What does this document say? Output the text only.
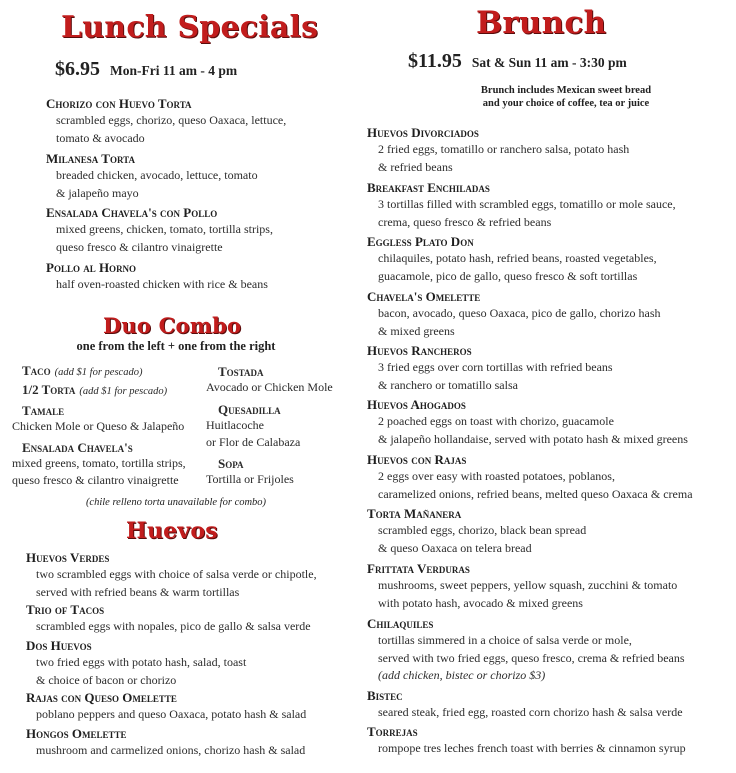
Lunch Specials
$6.95 Mon-Fri 11 am - 4 pm
Chorizo con Huevo Torta
scrambled eggs, chorizo, queso Oaxaca, lettuce,
tomato & avocado
Milanesa Torta
breaded chicken, avocado, lettuce, tomato
& jalapeño mayo
Ensalada Chavela's con Pollo
mixed greens, chicken, tomato, tortilla strips,
queso fresco & cilantro vinaigrette
Pollo al Horno
half oven-roasted chicken with rice & beans
Duo Combo
one from the left + one from the right
Taco (add $1 for pescado)
1/2 Torta (add $1 for pescado)
Tamale
Chicken Mole or Queso & Jalapeño
Ensalada Chavela's
mixed greens, tomato, tortilla strips,
queso fresco & cilantro vinaigrette
Tostada
Avocado or Chicken Mole
Quesadilla
Huitlacoche
or Flor de Calabaza
Sopa
Tortilla or Frijoles
(chile relleno torta unavailable for combo)
Huevos
Huevos Verdes
two scrambled eggs with choice of salsa verde or chipotle,
served with refried beans & warm tortillas
Trio of Tacos
scrambled eggs with nopales, pico de gallo & salsa verde
Dos Huevos
two fried eggs with potato hash, salad, toast
& choice of bacon or chorizo
Rajas con Queso Omelette
poblano peppers and queso Oaxaca, potato hash & salad
Hongos Omelette
mushroom and carmelized onions, chorizo hash & salad
Brunch
$11.95 Sat & Sun 11 am - 3:30 pm
Brunch includes Mexican sweet bread
and your choice of coffee, tea or juice
Huevos Divorciados
2 fried eggs, tomatillo or ranchero salsa, potato hash
& refried beans
Breakfast Enchiladas
3 tortillas filled with scrambled eggs, tomatillo or mole sauce,
crema, queso fresco & refried beans
Eggless Plato Don
chilaquiles, potato hash, refried beans, roasted vegetables,
guacamole, pico de gallo, queso fresco & soft tortillas
Chavela's Omelette
bacon, avocado, queso Oaxaca, pico de gallo, chorizo hash
& mixed greens
Huevos Rancheros
3 fried eggs over corn tortillas with refried beans
& ranchero or tomatillo salsa
Huevos Ahogados
2 poached eggs on toast with chorizo, guacamole
& jalapeño hollandaise, served with potato hash & mixed greens
Huevos con Rajas
2 eggs over easy with roasted potatoes, poblanos,
caramelized onions, refried beans, melted queso Oaxaca & crema
Torta Mañanera
scrambled eggs, chorizo, black bean spread
& queso Oaxaca on telera bread
Frittata Verduras
mushrooms, sweet peppers, yellow squash, zucchini & tomato
with potato hash, avocado & mixed greens
Chilaquiles
tortillas simmered in a choice of salsa verde or mole,
served with two fried eggs, queso fresco, crema & refried beans
(add chicken, bistec or chorizo $3)
Bistec
seared steak, fried egg, roasted corn chorizo hash & salsa verde
Torrejas
rompope tres leches french toast with berries & cinnamon syrup
